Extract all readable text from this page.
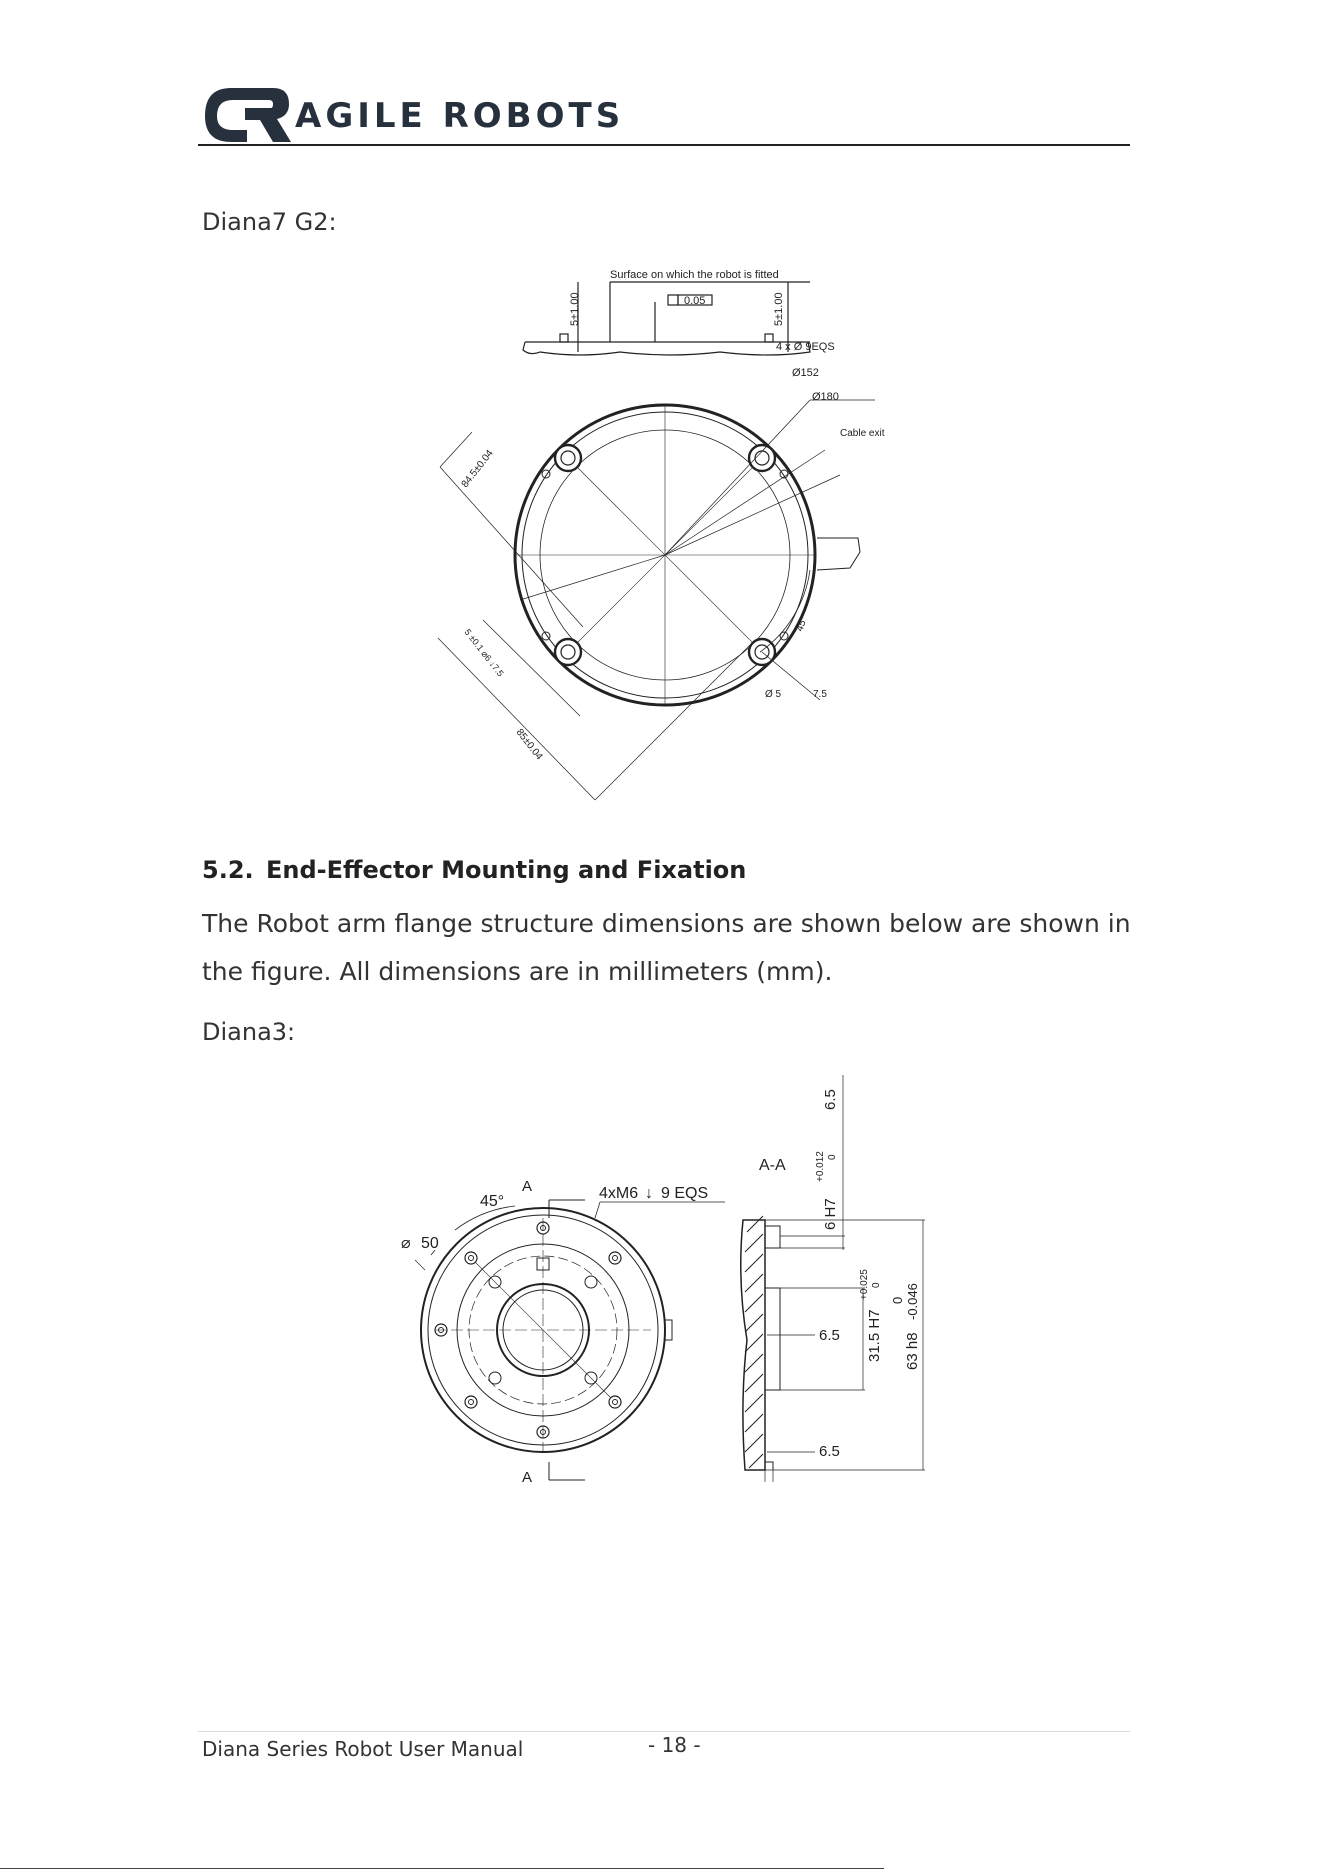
AGILE ROBOTS
Diana7 G2:
Surface on which the robot is fitted
0.05
5±1.00	5±1.00
4 x Ø 9EQS
Ø152
Ø180
Cable exit
45°
Ø 5	7.5
84.5±0.04
85±0.04
5 ±0.1 ⌀6 ↓7.5
5.2. End-Effector Mounting and Fixation
The Robot arm flange structure dimensions are shown below are shown in the figure. All dimensions are in millimeters (mm).
Diana3:
A
A
45°
⌀ 50
4xM6 ↓ 9 EQS
A-A
6 H7
+0.012 0
6.5
31.5 H7
+0.025 0
63 h8
0 -0.046
6.5
6.5
Diana Series Robot User Manual	- 18 -
